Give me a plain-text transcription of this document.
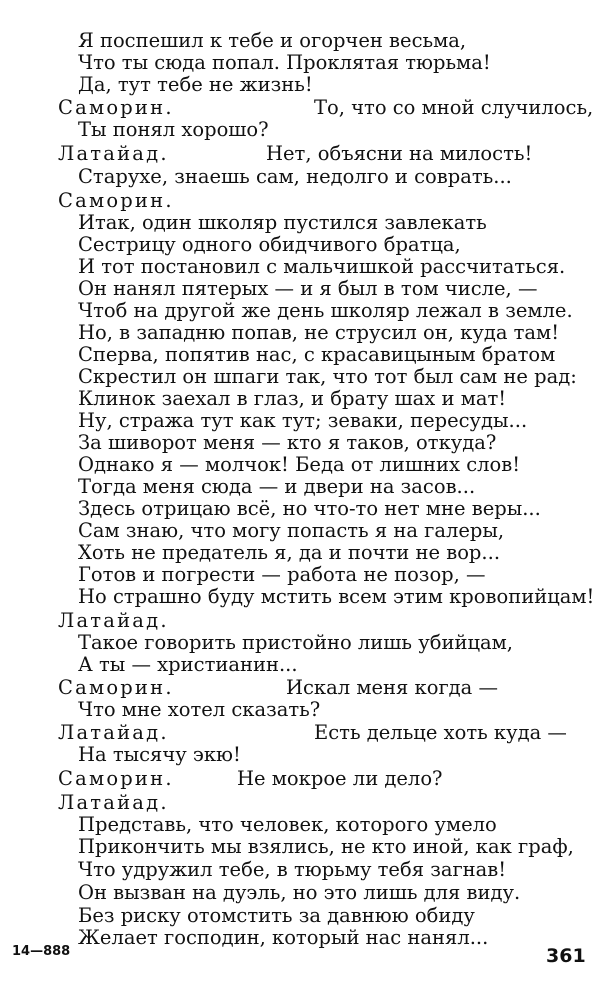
Я поспешил к тебе и огорчен весьма,
Что ты сюда попал. Проклятая тюрьма!
Да, тут тебе не жизнь!
Саморин.	То, что со мной случилось,
Ты понял хорошо?
Латайад.	Нет, объясни на милость!
Старухе, знаешь сам, недолго и соврать...
Саморин.
Итак, один школяр пустился завлекать
Сестрицу одного обидчивого братца,
И тот постановил с мальчишкой рассчитаться.
Он нанял пятерых — и я был в том числе, —
Чтоб на другой же день школяр лежал в земле.
Но, в западню попав, не струсил он, куда там!
Сперва, попятив нас, с красавицыным братом
Скрестил он шпаги так, что тот был сам не рад:
Клинок заехал в глаз, и брату шах и мат!
Ну, стража тут как тут; зеваки, пересуды...
За шиворот меня — кто я таков, откуда?
Однако я — молчок! Беда от лишних слов!
Тогда меня сюда — и двери на засов...
Здесь отрицаю всё, но что-то нет мне веры...
Сам знаю, что могу попасть я на галеры,
Хоть не предатель я, да и почти не вор...
Готов и погрести — работа не позор, —
Но страшно буду мстить всем этим кровопийцам!
Латайад.
Такое говорить пристойно лишь убийцам,
А ты — христианин...
Саморин.	Искал меня когда —
Что мне хотел сказать?
Латайад.	Есть дельце хоть куда —
На тысячу экю!
Саморин.	Не мокрое ли дело?
Латайад.
Представь, что человек, которого умело
Прикончить мы взялись, не кто иной, как граф,
Что удружил тебе, в тюрьму тебя загнав!
Он вызван на дуэль, но это лишь для виду.
Без риску отомстить за давнюю обиду
Желает господин, который нас нанял...
14—888	361
